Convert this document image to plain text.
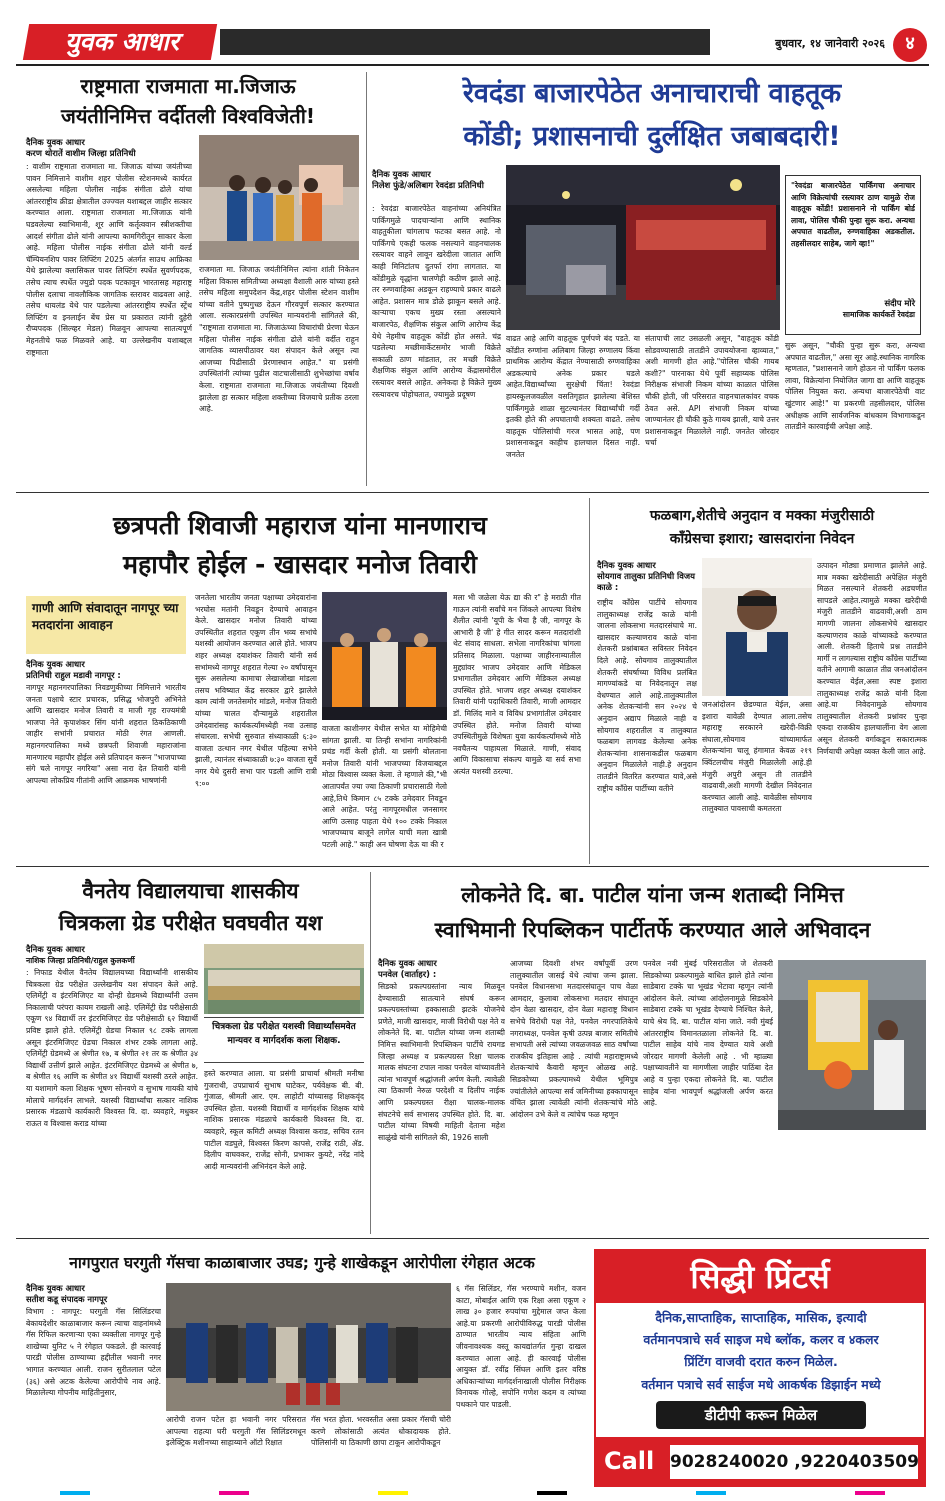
युवक आधार	बुधवार, १४ जानेवारी २०२६	४
राष्ट्रमाता राजमाता मा.जिजाऊ
जयंतीनिमित्त वर्दीतली विश्वविजेती!
दैनिक युवक आधार
करण थोरातें वाशीम जिल्हा प्रतिनिधी
: वाशीम राष्ट्रमाता राजमाता मा. जिजाऊ यांच्या जयंतीच्या पावन निमित्ताने वाशीम शहर पोलीस स्टेशनमध्ये कार्यरत असलेल्या महिला पोलीस नाईक संगीता ढोले यांचा आंतरराष्ट्रीय क्रीडा क्षेत्रातील उज्ज्वल यशाबद्दल जाहीर सत्कार करण्यात आला. राष्ट्रमाता राजमाता मा.जिजाऊ यांनी घडवलेल्या स्वाभिमानी, शूर आणि कर्तृत्ववान स्त्रीशक्तीचा आदर्श संगीता ढोले यांनी आपल्या कामगिरीतून साकार केला आहे. महिला पोलीस नाईक संगीता ढोले यांनी वर्ल्ड चॅम्पियनशिप पावर लिफ्टिंग 2025 अंतर्गत साउथ आफ्रिका येथे झालेल्या क्लासिकल पावर लिफ्टिंग स्पर्धेत सुवर्णपदक, तसेच त्याच स्पर्धेत ज्युडो पदक पटकावून भारतासह महाराष्ट्र पोलीस दलाचा नावलौकिक जागतिक स्तरावर वाढवला आहे. तसेच थायलंड येथे पार पडलेल्या आंतरराष्ट्रीय स्पर्धेत स्ट्रेंथ लिफ्टिंग व इनलाईन बेंच प्रेस या प्रकारात त्यांनी दुहेरी रौप्यपदक (सिल्व्हर मेडल) मिळवून आपल्या सातत्यपूर्ण मेहनतीचे फळ मिळवले आहे. या उल्लेखनीय यशाबद्दल राष्ट्रमाता
राजमाता मा. जिजाऊ जयंतीनिमित्त त्यांना शांती निकेतन महिला विकास समितीच्या अध्यक्षा वैशाली आरु यांच्या हस्ते तसेच महिला समुपदेशन केंद्र,शहर पोलीस स्टेशन वाशीम यांच्या वतीने पुष्पगुच्छ देऊन गौरवपूर्ण सत्कार करण्यात आला. सत्कारप्रसंगी उपस्थित मान्यवरांनी सांगितले की, "राष्ट्रमाता राजमाता मा. जिजाऊंच्या विचारांची प्रेरणा घेऊन महिला पोलीस नाईक संगीता ढोले यांनी वर्दीत राहून जागतिक व्यासपीठावर यश संपादन केले असून त्या आजच्या पिढीसाठी प्रेरणास्थान आहेत." या प्रसंगी उपस्थितांनी त्यांच्या पुढील वाटचालीसाठी शुभेच्छांचा वर्षाव केला. राष्ट्रमाता राजमाता मा.जिजाऊ जयंतीच्या दिवशी झालेला हा सत्कार महिला शक्तीच्या विजयाचे प्रतीक ठरला आहे.
रेवदंडा बाजारपेठेत अनाचाराची वाहतूक
कोंडी; प्रशासनाची दुर्लक्षित जबाबदारी!
दैनिक युवक आधार
निलेश फुंडे/अलिबाग रेवदंडा प्रतिनिधी
: रेवदंडा बाजारपेठेत वाहनांच्या अनियंत्रित पार्किंगमुळे पादचाऱ्यांना आणि स्थानिक वाहतुकीला चांगलाच फटका बसत आहे. नो पार्किंगचे एकही फलक नसल्याने वाहनचालक रस्त्यावर वाहने लावून खरेदीला जातात आणि काही मिनिटांतच दुतर्फा रांगा लागतात. या कोंडीमुळे वृद्धांना चालणेही कठीण झाले आहे. तर रुग्णवाहिका अडकून राहण्याचे प्रकार वाढले आहेत. प्रशासन मात्र डोळे झाकून बसले आहे. काऱ्याचा एकच मुख्य रस्ता असल्याने बाजारपेठ, शैक्षणिक संकुल आणि आरोग्य केंद्र येथे नेहमीच वाहतूक कोंडी होत असते. चंद्र पडलेल्या मच्छीमार्केटसमोर भाजी विक्रेते सकाळी ठाण मांडतात, तर मच्छी विक्रेते शैक्षणिक संकुल आणि आरोग्य केंद्रासमोरील रस्त्यावर बसले आहेत. अनेकदा हे विक्रेते मुख्य रस्त्यावरच पोहोचतात, ज्यामुळे प्रदूषण
वाढत आहे आणि वाहतूक पूर्णपणे बंद पडते. या कोंडीत रुग्णांना अलिबाग जिल्हा रुग्णालय किंवा प्राथमिक आरोग्य केंद्रात नेण्यासाठी रुग्णवाहिका अडकल्याचे अनेक प्रकार घडले आहेत.विद्यार्थ्यांच्या सुरक्षेची चिंता! रेवदंडा हायस्कूलजवळील वसतिगृहात झालेल्या बेशिस्त पार्किंगमुळे शाळा सुटल्यानंतर विद्यार्थ्यांची गर्दी इतकी होते की अपघाताची शक्यता वाढते. तसेच वाहतूक पोलिसांची गरज भासत आहे, पण प्रशासनाकडून काहीच हालचाल दिसत नाही. जनतेत
संतापाची लाट उसळली असून, "वाहतूक कोंडी सोडवण्यासाठी तातडीने उपाययोजना व्हाव्यात," अशी मागणी होत आहे."पोलिस चौकी गायब कशी?" पारनाका येथे पूर्वी सहाय्यक पोलिस निरीक्षक संभाजी निकम यांच्या काळात पोलिस चौकी होती, जी परिसरात वाहनचालकांवर वचक ठेवत असे. API संभाजी निकम यांच्या जाण्यानंतर ही चौकी कुठे गायब झाली, याचे उत्तर प्रशासनाकडून मिळालेले नाही. जनतेत जोरदार चर्चा
"रेवदंडा बाजारपेठेत पार्किंगचा अनाचार आणि विक्रेत्यांची रस्त्यावर ठाण यामुळे रोज वाहतूक कोंडी! प्रशासनाने नो पार्किंग बोर्ड लावा, पोलिस चौकी पुन्हा सुरू करा. अन्यथा अपघात वाढतील, रुग्णवाहिका अडकतील. तहसीलदार साहेब, जागे व्हा!"
संदीप मोरे
सामाजिक कार्यकर्ते रेवदंडा
सुरू असून, "चौकी पुन्हा सुरू करा, अन्यथा अपघात वाढतील," असा सूर आहे.स्थानिक नागरिक म्हणतात, "प्रशासनाने जागे होऊन नो पार्किंग फलक लावा, विक्रेत्यांना नियोजित जागा द्या आणि वाहतूक पोलिस नियुक्त करा. अन्यथा बाजारपेठेची वाट खुंटणार आहे!" या प्रकरणी तहसीलदार, पोलिस अधीक्षक आणि सार्वजनिक बांधकाम विभागाकडून तातडीने कारवाईची अपेक्षा आहे.
छत्रपती शिवाजी महाराज यांना मानणाराच
महापौर होईल - खासदार मनोज तिवारी
गाणी आणि संवादातून नागपूर च्या मतदारांना आवाहन
दैनिक युवक आधार
प्रतिनिधी राहुल मडावी नागपूर :
नागपूर महानगरपालिका निवडणुकीच्या निमित्ताने भारतीय जनता पक्षाचे स्टार प्रचारक, प्रसिद्ध भोजपुरी अभिनेते आणि खासदार मनोज तिवारी व माजी गृह राज्यमंत्री भाजपा नेते कृपाशंकर सिंग यांनी शहरात ठिकठिकाणी जाहीर सभांनी प्रचारात मोठी रंगत आणली. महानगरपालिका मध्ये छत्रपती शिवाजी महाराजांना मानणारच महापौर होईल असे प्रतिपादन करून "भाजपाच्या संगे चले नागपूर नगरिया" असा नारा देत तिवारी यांनी आपल्या लोकप्रिय गीतांनी आणि आक्रमक भाषणांनी
जनतेला भारतीय जनता पक्षाच्या उमेदवारांना भरघोस मतांनी निवडून देण्याचे आवाहन केले. खासदार मनोज तिवारी यांच्या उपस्थितीत शहरात एकूण तीन भव्य सभांचे यशस्वी आयोजन करण्यात आले होते. भाजप शहर अध्यक्ष दयाशंकर तिवारी यांनी सर्व सभांमध्ये नागपूर शहरात गेल्या २० वर्षांपासून सुरू असलेल्या कामाचा लेखाजोखा मांडला तसच भविष्यात केंद्र सरकार द्वारे झालेले काम त्यांनी जनतेसमोर मांडले, मनोज तिवारी यांच्या चालत दौऱ्यामुळे शहरातील उमेदवारांसह कार्यकर्त्यांमध्येही नवा उत्साह संचारला. सभेची सुरुवात संध्याकाळी ६:३० वाजता उत्थान नगर येथील पहिल्या सभेने झाली, त्यानंतर संध्याकाळी ७:३० वाजता सुर्वे नगर येथे दुसरी सभा पार पडली आणि रात्री ९:००
वाजता काशीनगर येथील सभेत या मोहिमेची सांगता झाली. या तिन्ही सभांना नागरिकांनी प्रचंड गर्दी केली होती. या प्रसंगी बोलताना मनोज तिवारी यांनी भाजपच्या विजयाबद्दल मोठा विश्वास व्यक्त केला. ते म्हणाले की,"भी आतापर्यंत ज्या ज्या ठिकाणी प्रचारासाठी गेलो आहे,तिथे किमान ८५ टक्के उमेदवार निवडून आले आहेत. परंतु नागपूरमधील जनसागर आणि उत्साह पाहता येथे १०० टक्के निकाल भाजपच्याच बाजूने लागेल याची मला खात्री पटली आहे." काही अन घोषणा देऊ या की र
मला भी जळेला येऊ द्या की र" हे मराठी गीत गाऊन त्यांनी सर्वांचे मन जिंकले आपल्या विशेष शैलीत त्यांनी 'यूपी के भैया है जी, नागपूर के आभारी है जी' हे गीत सादर करून मतदारांशी थेट संवाद साधला. सभेला नागरिकांचा चांगला प्रतिसाद मिळाला. पक्षाच्या जाहीरनाम्यातील मुद्द्यांवर भाजप उमेदवार आणि मेडिकल प्रभागातील उमेदवार आणि मेडिकल अध्यक्ष उपस्थित होते. भाजप शहर अध्यक्ष दयाशंकर तिवारी यांनी पदाधिकारी तिवारी, माजी आमदार डॉ. मिलिंद माने व विविध प्रभागांतील उमेदवार उपस्थित होते. मनोज तिवारी यांच्या उपस्थितीमुळे विशेषतः युवा कार्यकर्त्यांमध्ये मोठे नवचैतन्य पाहायला मिळाले. गाणी, संवाद आणि विकासाचा संकल्प यामुळे या सर्व सभा अत्यंत यशस्वी ठरल्या.
फळबाग,शेतीचे अनुदान व मक्का मंजुरीसाठी
काँग्रेसचा इशारा; खासदारांना निवेदन
दैनिक युवक आधार
सोयगाव तालुका प्रतिनिधी विजय काळे :
राष्ट्रीय काँग्रेस पार्टीचे सोयगाव तालुकाध्यक्ष राजेंद्र काळे यांनी जालना लोकसभा मतदारसंघाचे मा. खासदार कल्याणराव काळे यांना शेतकरी प्रश्नांबाबत सविस्तर निवेदन दिले आहे. सोयगाव तालुक्यातील शेतकरी संघर्षाच्या विविध प्रलंबित मागण्यांकडे या निवेदनातून लक्ष वेधण्यात आले आहे.तालुक्यातील अनेक शेतकऱ्यांनी सन २०२४ चे अनुदान अद्याप मिळाले नाही व सोयगाव शहरातील व तालुक्यात फळबाग लागवड केलेल्या अनेक शेतकऱ्यांना शासनाकडील फळबाग अनुदान मिळालेले नाही.हे अनुदान तातडीने वितरित करण्यात यावे,असे राष्ट्रीय काँग्रेस पार्टीच्या वतीने
जनआंदोलन छेडण्यात येईल, असा इशारा यावेळी देण्यात आला.तसेच महाराष्ट्र सरकारने खरेदी-विक्री संघाला,सोयगाव यांच्यामार्फत शेतकऱ्यांना चालू हंगामात केवळ २१९ क्विंटलचीच मंजुरी मिळालेली आहे.ही मंजुरी अपुरी असून ती तातडीने वाढवावी,अशी मागणी देखील निवेदनात करण्यात आली आहे. यावेळीस सोयगाव तालुक्यात पावसाची कमतरता
उत्पादन मोठ्या प्रमाणात झालेले आहे. मात्र मक्का खरेदीसाठी अपेक्षित मंजुरी मिळत नसल्याने शेतकरी अडचणीत सापडले आहेत.त्यामुळे मक्का खरेदीची मंजुरी तातडीने वाढवावी,अशी ठाम मागणी जालना लोकसभेचे खासदार कल्याणराव काळे यांच्याकडे करण्यात आली. शेतकरी हिताचे प्रश्न तातडीने मार्गी न लागल्यास राष्ट्रीय काँग्रेस पार्टीच्या वतीने आगामी काळात तीव्र जनआंदोलन करण्यात येईल,असा स्पष्ट इशारा तालुकाध्यक्ष राजेंद्र काळे यांनी दिला आहे.या निवेदनामुळे सोयगाव तालुक्यातील शेतकरी प्रश्नांवर पुन्हा एकदा राजकीय हालचालींना वेग आला असून शेतकरी वर्गाकडून सकारात्मक निर्णयाची अपेक्षा व्यक्त केली जात आहे.
वैनतेय विद्यालयाचा शासकीय
चित्रकला ग्रेड परीक्षेत घवघवीत यश
दैनिक युवक आधार
नाशिक जिल्हा प्रतिनिधी/राहुल कुलकर्णी
: निफाड येथील वैनतेय विद्यालयच्या विद्यार्थ्यांनी शासकीय चित्रकला ग्रेड परीक्षेत उल्लेखनीय यश संपादन केले आहे. एलिमेंट्री व इंटरमिजिएट या दोन्ही ग्रेडमध्ये विद्यार्थ्यांनी उत्तम निकालाची परंपरा कायम राखली आहे. एलिमेंट्री ग्रेड परीक्षेसाठी एकूण ९४ विद्यार्थी तर इंटरमिजिएट ग्रेड परीक्षेसाठी ६२ विद्यार्थी प्रविष्ट झाले होते. एलिमेंट्री ग्रेडचा निकाल ९८ टक्के लागला असून इंटरमिजिएट ग्रेडचा निकाल शंभर टक्के लागला आहे. एलिमेंट्री ग्रेडमध्ये अ श्रेणीत १७, ब श्रेणीत २१ तर क श्रेणीत ३४ विद्यार्थी उत्तीर्ण झाले आहेत. इंटरमिजिएट ग्रेडमध्ये अ श्रेणीत ७, ब श्रेणीत १६ आणि क श्रेणीत ४१ विद्यार्थी यशस्वी ठरले आहेत. या यशामागे कला शिक्षक भूषण सोनवणे व सुभाष गायकी यांचे मोलाचे मार्गदर्शन लाभले. यशस्वी विद्यार्थ्यांचा सत्कार नाशिक प्रसारक मंडळाचे कार्यकारी विश्वस्त वि. दा. व्यवहारे, मधुकर राऊत व विश्वास कराड यांच्या
चित्रकला ग्रेड परीक्षेत यशस्वी विद्यार्थ्यांसमवेत मान्यवर व मार्गदर्शक कला शिक्षक.
हस्ते करण्यात आला. या प्रसंगी प्राचार्या श्रीमती मनीषा गुजराथी, उपप्राचार्य सुभाष घाटेकर, पर्यवेक्षक बी. बी. गुंजाळ, श्रीमती आर. एम. लाहोटी यांच्यासह शिक्षकवृंद उपस्थित होता. यशस्वी विद्यार्थी व मार्गदर्शक शिक्षक यांचे नाशिक प्रसारक मंडळाचे कार्यकारी विश्वस्त वि. दा. व्यवहारे, स्कूल कमिटी अध्यक्ष विश्वास कराड, सचिव रतन पाटील वडघुले, विश्वस्त किरण कापसे, राजेंद्र राठी, ॲड. दिलीप वाघवकर, राजेंद्र सोनी, प्रभाकर कुयटे, नरेंद्र नांदे आदी मान्यवरांनी अभिनंदन केले आहे.
लोकनेते दि. बा. पाटील यांना जन्म शताब्दी निमित्त
स्वाभिमानी रिपब्लिकन पार्टीतर्फे करण्यात आले अभिवादन
दैनिक युवक आधार
पनवेल (वार्ताहर) :
सिडको प्रकल्पग्रस्तांना न्याय मिळवून देण्यासाठी सातत्याने संघर्ष करून प्रकल्पग्रस्तांच्या हक्कासाठी झटके योजनेचे प्रणेते, माजी खासदार, माजी विरोधी पक्ष नेते व लोकनेते दि. बा. पाटील यांच्या जन्म शताब्दी निमित्त स्वाभिमानी रिपब्लिकन पार्टीचे रायगड जिल्हा अध्यक्ष व प्रकल्पग्रस्त रिक्षा चालक मालक संघटना टपाल नाका पनवेल यांच्यावतीने त्यांना भावपूर्ण श्रद्धांजली अर्पण केली. त्यावेळी त्या ठिकाणी नेरुळ परदेशी व दिलीप नाईक आणि प्रकल्पग्रस्त रीक्षा चालक-मालक संघटनेचे सर्व सभासद उपस्थित होते. दि. बा. पाटील यांच्या विषयी माहिती देताना महेश साळुंखे यांनी सांगितले की, 1926 साली
आजच्या दिवशी शंभर वर्षांपूर्वी उरण तालुक्यातील जासई येथे त्यांचा जन्म झाला. पनवेल विधानसभा मतदारसंघातून पाच वेळा आमदार, कुलाबा लोकसभा मतदार संघातून दोन वेळा खासदार, दोन वेळा महाराष्ट्र विधान सभेचे विरोधी पक्ष नेते, पनवेल नगरपालिकेचे नगराध्यक्ष, पनवेल कृषी उत्पन्न बाजार समितीचे सभापती असे त्यांच्या जवळजवळ साठ वर्षांच्या राजकीय इतिहास आहे . त्यांची महाराष्ट्रामध्ये शेतकऱ्यांचे कैवारी म्हणून ओळख आहे. सिडकोच्या प्रकल्पामध्ये येथील भूमिपुत्र ज्यांतीलेले आपल्या सर्व जमिनीच्या हक्कापासून वंचित झाला त्यावेळी त्यांनी शेतकऱ्यांचे मोठे आंदोलन उभे केले व त्यांचेच फळ म्हणून
पनवेल नवी मुंबई परिसरातील जे शेतकरी सिडकोच्या प्रकल्पामुळे बाधित झाले होते त्यांना साडेबारा टक्के चा भूखंड भेटावा म्हणून त्यांनी आंदोलन केले. त्यांच्या आंदोलनामुळे सिडकोने साडेबारा टक्के चा भूखंड देण्याचे निश्चित केले, याचे श्रेय दि. बा. पाटील यांना जाते. नवी मुंबई आंतरराष्ट्रीय विमानतळाला लोकनेते दि. बा. पाटील साहेब यांचे नाव देण्यात यावे अशी जोरदार मागणी केलेली आहे . भी म्हाळ्या पक्षाच्यावतीने या मागणीला जाहीर पाठिंबा देत आहे व पुन्हा एकदा लोकनेते दि. बा. पाटील साहेब यांना भावपूर्ण श्रद्धांजली अर्पण करत आहे.
नागपुरात घरगुती गॅसचा काळाबाजार उघड; गुन्हे शाखेकडून आरोपीला रंगेहात अटक
दैनिक युवक आधार
सतीश कडू संपादक नागपूर
विभाग : नागपूर: घरगुती गॅस सिलिंडरचा बेकायदेशीर काळाबाजार करून त्याचा वाहनांमध्ये गॅस रिफिल करणाऱ्या एका व्यक्तीला नागपूर गुन्हे शाखेच्या युनिट ५ ने रंगेहात पकडले. ही कारवाई पारडी पोलीस ठाण्याच्या हद्दीतील भवानी नगर भागात करण्यात आली. राजन सुरीतलाल पटेल (३६) असे अटक केलेल्या आरोपीचे नाव आहे. मिळालेल्या गोपनीय माहितीनुसार,
आरोपी राजन पटेल हा भवानी नगर परिसरात आपल्या राहत्या घरी घरगुती गॅस सिलिंडरमधून इलेक्ट्रिक मशीनच्या साहाय्याने ऑटो रिक्षात
गॅस भरत होता. भरवस्तीत असा प्रकार गॅसची चोरी करणे लोकांसाठी अत्यंत धोकादायक होते. पोलिसांनी या ठिकाणी छापा टाकून आरोपीकडून
६ गॅस सिलिंडर, गॅस भरण्याचे मशीन, वजन काटा, मोबाईल आणि एक रिक्षा असा एकूण २ लाख ३० हजार रुपयांचा मुद्देमाल जप्त केला आहे.या प्रकरणी आरोपीविरुद्ध पारडी पोलीस ठाण्यात भारतीय न्याय संहिता आणि जीवनावश्यक वस्तू कायद्यांतर्गत गुन्हा दाखल करण्यात आला आहे. ही कारवाई पोलीस आयुक्त डॉ. रवींद्र सिंघल आणि इतर वरिष्ठ अधिकाऱ्यांच्या मार्गदर्शनाखाली पोलीस निरीक्षक विनायक गोल्हे, सपोनि गणेश कदम व त्यांच्या पथकाने पार पाडली.
सिद्धी प्रिंटर्स
दैनिक,साप्ताहिक, साप्ताहिक, मासिक, इत्यादी
वर्तमानपत्राचे सर्व साइज मधे ब्लॉक, कलर व ४कलर
प्रिंटिंग वाजवी दरात करुन मिळेल.
वर्तमान पत्राचे सर्व साईज मधे आकर्षक डिझाईन मध्ये
डीटीपी करून मिळेल
Call 9028240020 ,9220403509
